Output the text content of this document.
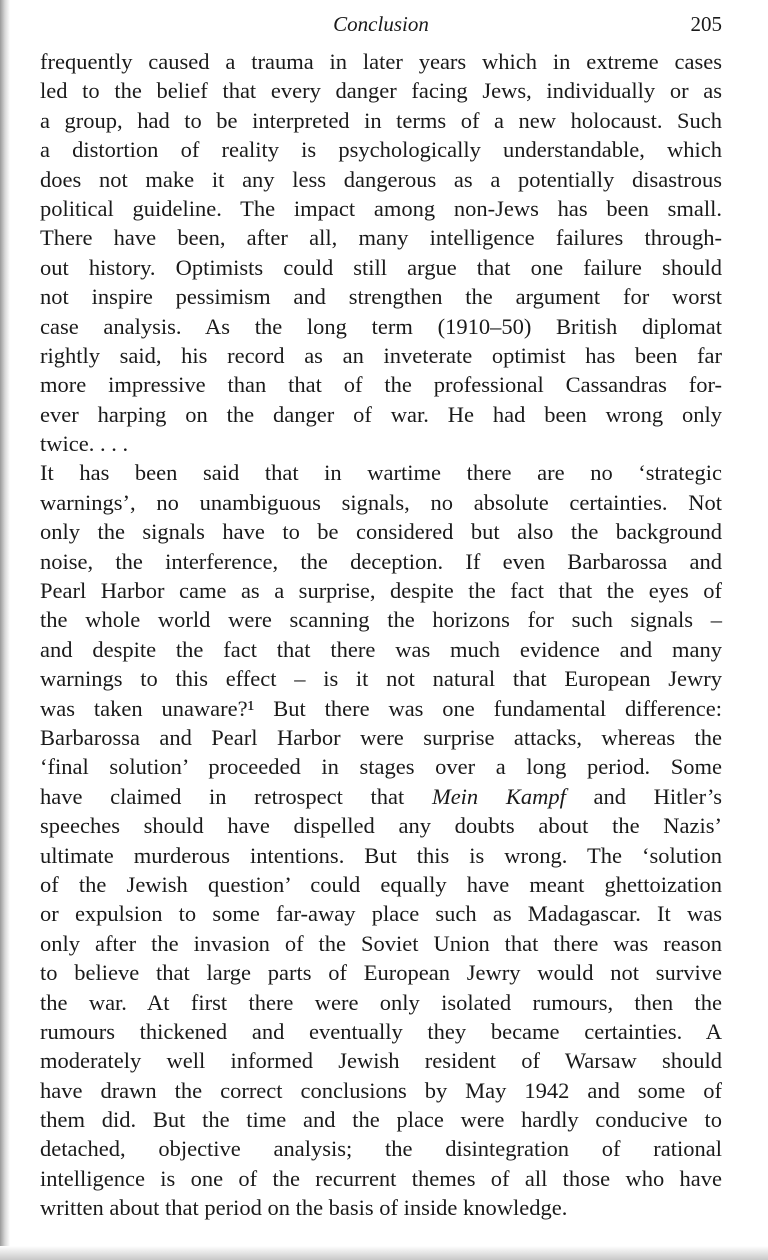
Conclusion	205
frequently caused a trauma in later years which in extreme cases
led to the belief that every danger facing Jews, individually or as
a group, had to be interpreted in terms of a new holocaust. Such
a distortion of reality is psychologically understandable, which
does not make it any less dangerous as a potentially disastrous
political guideline. The impact among non-Jews has been small.
There have been, after all, many intelligence failures through-
out history. Optimists could still argue that one failure should
not inspire pessimism and strengthen the argument for worst
case analysis. As the long term (1910–50) British diplomat
rightly said, his record as an inveterate optimist has been far
more impressive than that of the professional Cassandras for-
ever harping on the danger of war. He had been wrong only
twice. . . .
It has been said that in wartime there are no ‘strategic
warnings’, no unambiguous signals, no absolute certainties. Not
only the signals have to be considered but also the background
noise, the interference, the deception. If even Barbarossa and
Pearl Harbor came as a surprise, despite the fact that the eyes of
the whole world were scanning the horizons for such signals –
and despite the fact that there was much evidence and many
warnings to this effect – is it not natural that European Jewry
was taken unaware?¹ But there was one fundamental difference:
Barbarossa and Pearl Harbor were surprise attacks, whereas the
‘final solution’ proceeded in stages over a long period. Some
have claimed in retrospect that Mein Kampf and Hitler’s
speeches should have dispelled any doubts about the Nazis’
ultimate murderous intentions. But this is wrong. The ‘solution
of the Jewish question’ could equally have meant ghettoization
or expulsion to some far-away place such as Madagascar. It was
only after the invasion of the Soviet Union that there was reason
to believe that large parts of European Jewry would not survive
the war. At first there were only isolated rumours, then the
rumours thickened and eventually they became certainties. A
moderately well informed Jewish resident of Warsaw should
have drawn the correct conclusions by May 1942 and some of
them did. But the time and the place were hardly conducive to
detached, objective analysis; the disintegration of rational
intelligence is one of the recurrent themes of all those who have
written about that period on the basis of inside knowledge.
